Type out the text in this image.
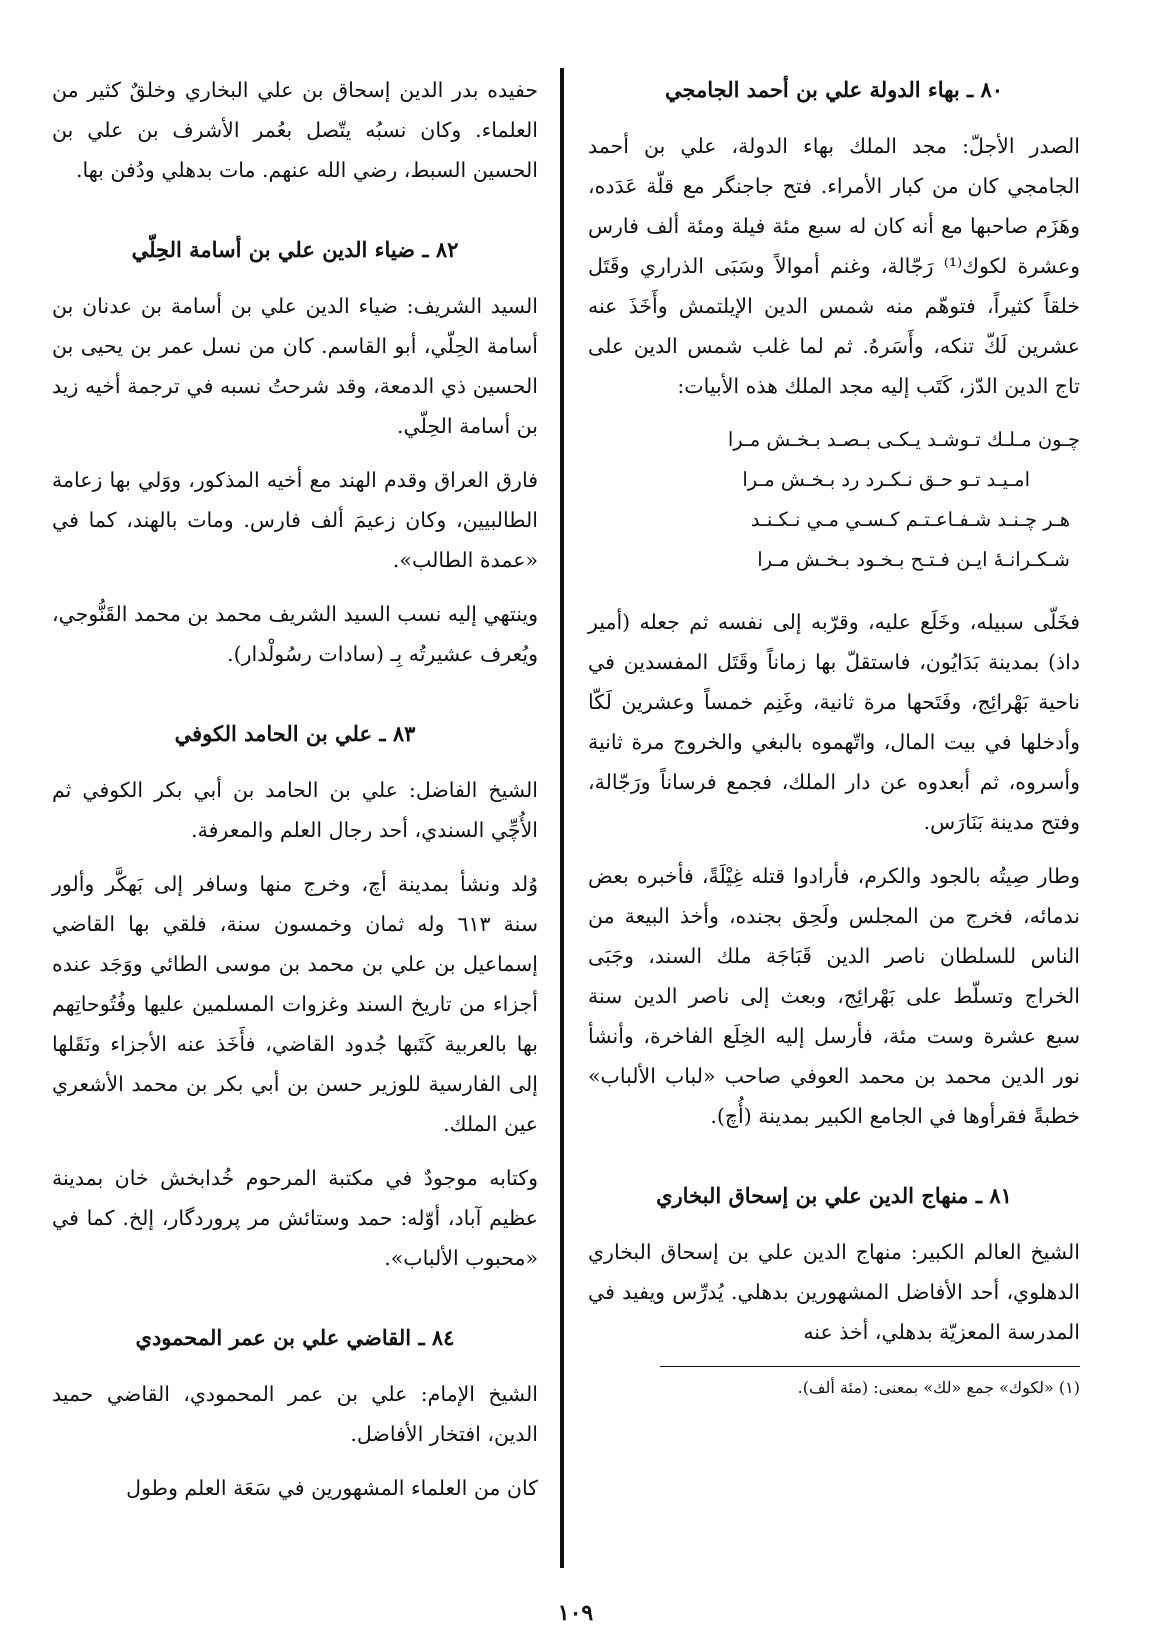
٨٠ ـ بهاء الدولة علي بن أحمد الجامجي

الصدر الأجلّ: مجد الملك بهاء الدولة، علي بن أحمد الجامجي كان من كبار الأمراء. فتح جاجنگر مع قلّة عَدَده، وهَزَم صاحبها مع أنه كان له سبع مئة فيلة ومئة ألف فارس وعشرة لكوك⁽¹⁾ رَجّالة، وغنم أموالاً وسَبَى الذراري وقَتَل خلقاً كثيراً، فتوهّم منه شمس الدين الإيلتمش وأَخَذَ عنه عشرين لَكّ تنكه، وأَسَرهُ. ثم لما غلب شمس الدين على تاج الدين الدّز، كَتَب إليه مجد الملك هذه الأبيات:

چـون مـلـك تـوشـد يـكـى بـصـد بـخـش مـرا
امـيـد تـو حـق نـكـرد رد بـخـش مـرا
هـر چـنـد شـفـاعـتـم كـسـي مـي نـكـنـد
شـكـرانـهٔ ايـن فـتـح بـخـود بـخـش مـرا

فخَلّى سبيله، وخَلَع عليه، وقرّبه إلى نفسه ثم جعله (أمير داذ) بمدينة بَدَايُون، فاستقلّ بها زماناً وقَتَل المفسدين في ناحية بَهْرائِج، وفَتَحها مرة ثانية، وغَنِم خمساً وعشرين لَكّا وأدخلها في بيت المال، واتّهموه بالبغي والخروج مرة ثانية وأسروه، ثم أبعدوه عن دار الملك، فجمع فرساناً ورَجّالة، وفتح مدينة بَنَارَس.

وطار صِيتُه بالجود والكرم، فأرادوا قتله غِيْلَةً، فأخبره بعض ندمائه، فخرج من المجلس ولَحِق بجنده، وأخذ البيعة من الناس للسلطان ناصر الدين قَبَاجَة ملك السند، وجَبَى الخراج وتسلّط على بَهْرائِج، وبعث إلى ناصر الدين سنة سبع عشرة وست مئة، فأرسل إليه الخِلَع الفاخرة، وأنشأ نور الدين محمد بن محمد العوفي صاحب «لباب الألباب» خطبةً فقرأوها في الجامع الكبير بمدينة (أُچ).

٨١ ـ منهاج الدين علي بن إسحاق البخاري

الشيخ العالم الكبير: منهاج الدين علي بن إسحاق البخاري الدهلوي، أحد الأفاضل المشهورين بدهلي. يُدرِّس ويفيد في المدرسة المعزيّة بدهلي، أخذ عنه

(١) «لكوك» جمع «لك» بمعنى: (مئة ألف).

حفيده بدر الدين إسحاق بن علي البخاري وخلقٌ كثير من العلماء. وكان نسبُه يتّصل بعُمر الأشرف بن علي بن الحسين السبط، رضي الله عنهم. مات بدهلي ودُفن بها.

٨٢ ـ ضياء الدين علي بن أسامة الحِلّي

السيد الشريف: ضياء الدين علي بن أسامة بن عدنان بن أسامة الحِلّي، أبو القاسم. كان من نسل عمر بن يحيى بن الحسين ذي الدمعة، وقد شرحتُ نسبه في ترجمة أخيه زيد بن أسامة الحِلّي.

فارق العراق وقدم الهند مع أخيه المذكور، ووَلي بها زعامة الطالبيين، وكان زعيمَ ألف فارس. ومات بالهند، كما في «عمدة الطالب».

وينتهي إليه نسب السيد الشريف محمد بن محمد القَنُّوجي، ويُعرف عشيرتُه بِـ (سادات رسُولْدار).

٨٣ ـ علي بن الحامد الكوفي

الشيخ الفاضل: علي بن الحامد بن أبي بكر الكوفي ثم الأُچِّي السندي، أحد رجال العلم والمعرفة.

وُلد ونشأ بمدينة أچ، وخرج منها وسافر إلى بَهكَّر وألور سنة ٦١٣ وله ثمان وخمسون سنة، فلقي بها القاضي إسماعيل بن علي بن محمد بن موسى الطائي ووَجَد عنده أجزاء من تاريخ السند وغزوات المسلمين عليها وفُتُوحاتِهم بها بالعربية كَتَبها جُدود القاضي، فأَخَذ عنه الأجزاء ونَقَلها إلى الفارسية للوزير حسن بن أبي بكر بن محمد الأشعري عين الملك.

وكتابه موجودٌ في مكتبة المرحوم خُدابخش خان بمدينة عظيم آباد، أوّله: حمد وستائش مر پروردگار، إلخ. كما في «محبوب الألباب».

٨٤ ـ القاضي علي بن عمر المحمودي

الشيخ الإمام: علي بن عمر المحمودي، القاضي حميد الدين، افتخار الأفاضل.

كان من العلماء المشهورين في سَعَة العلم وطول

١٠٩
